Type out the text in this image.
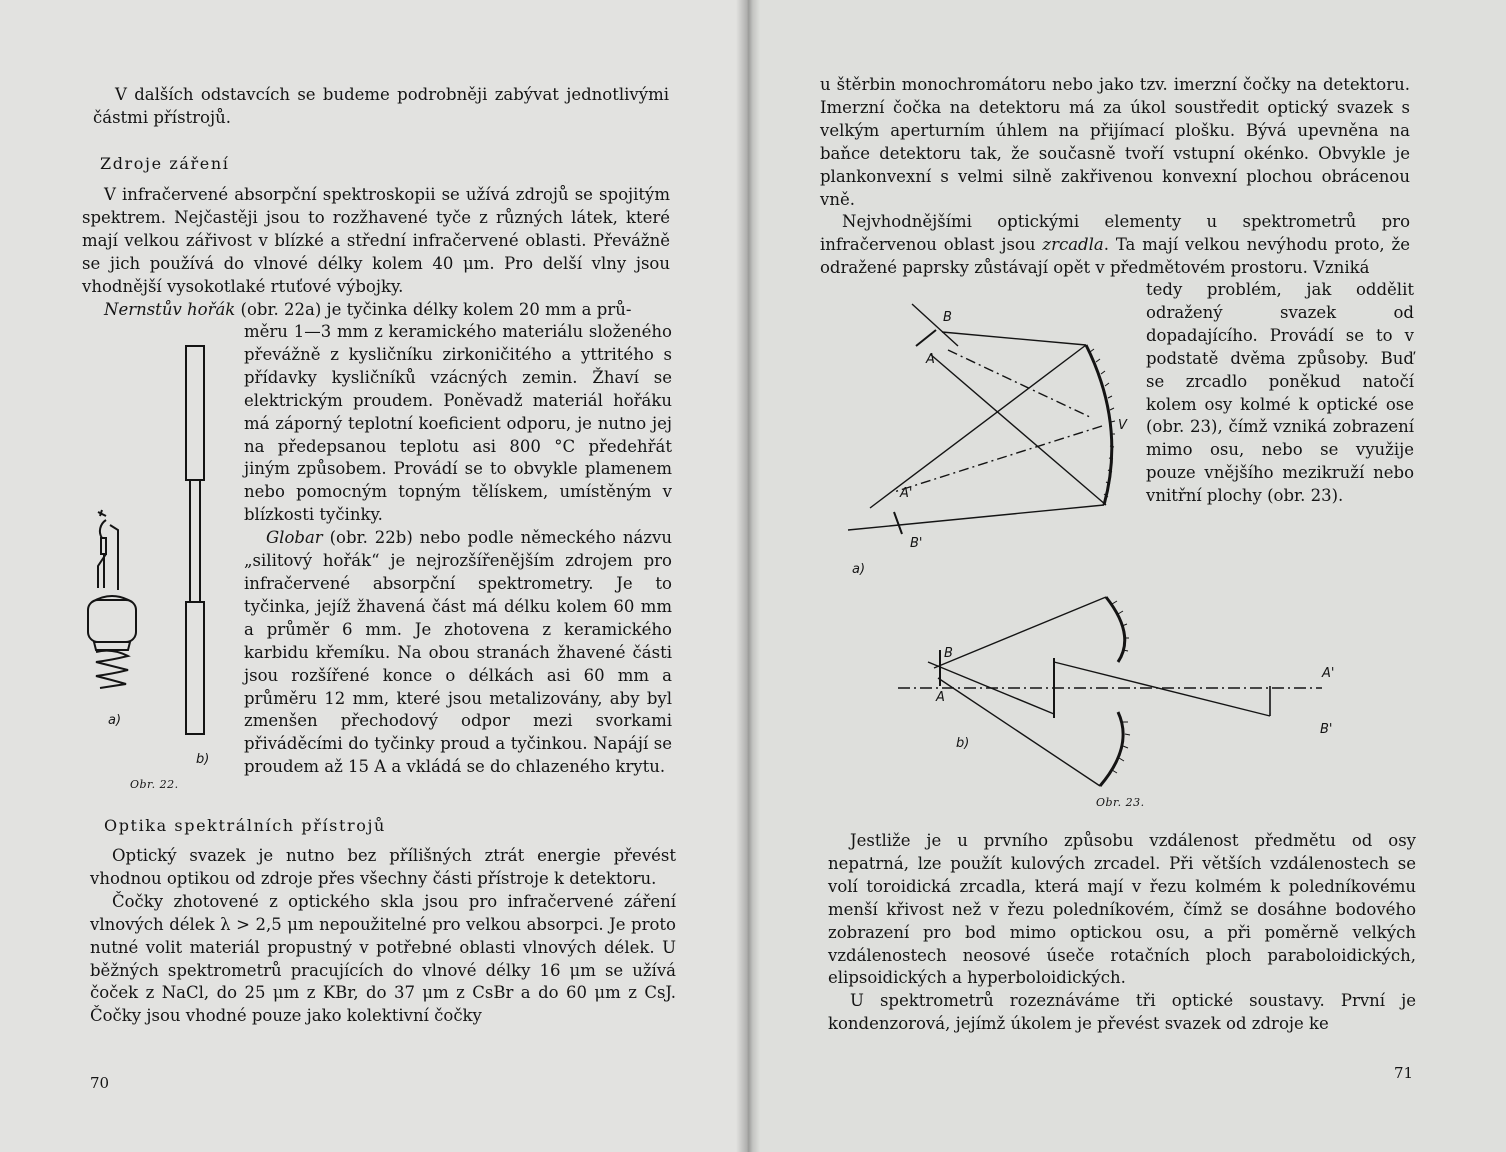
V dalších odstavcích se budeme podrobněji zabývat jednotlivými částmi přístrojů.

Zdroje záření

V infračervené absorpční spektroskopii se užívá zdrojů se spojitým spektrem. Nejčastěji jsou to rozžhavené tyče z různých látek, které mají velkou zářivost v blízké a střední infračervené oblasti. Převážně se jich používá do vlnové délky kolem 40 μm. Pro delší vlny jsou vhodnější vysokotlaké rtuťové výbojky.

Nernstův hořák (obr. 22a) je tyčinka délky kolem 20 mm a prů-

měru 1—3 mm z keramického materiálu složeného převážně z kysličníku zirkoničitého a yttritého s přídavky kysličníků vzácných zemin. Žhaví se elektrickým proudem. Poněvadž materiál hořáku má záporný teplotní koeficient odporu, je nutno jej na předepsanou teplotu asi 800 °C předehřát jiným způsobem. Provádí se to obvykle plamenem nebo pomocným topným tělískem, umístěným v blízkosti tyčinky.

Globar (obr. 22b) nebo podle německého názvu „silitový hořák“ je nejrozšířenějším zdrojem pro infračervené absorpční spektrometry. Je to tyčinka, jejíž žhavená část má délku kolem 60 mm a průměr 6 mm. Je zhotovena z keramického karbidu křemíku. Na obou stranách žhavené části jsou rozšířené konce o délkách asi 60 mm a průměru 12 mm, které jsou metalizovány, aby byl zmenšen přechodový odpor mezi svorkami přiváděcími do tyčinky proud a tyčinkou. Napájí se proudem až 15 A a vkládá se do chlazeného krytu.

a)
b)
Obr. 22.
Optika spektrálních přístrojů

Optický svazek je nutno bez přílišných ztrát energie převést vhodnou optikou od zdroje přes všechny části přístroje k detektoru.

Čočky zhotovené z optického skla jsou pro infračervené záření vlnových délek λ > 2,5 μm nepoužitelné pro velkou absorpci. Je proto nutné volit materiál propustný v potřebné oblasti vlnových délek. U běžných spektrometrů pracujících do vlnové délky 16 μm se užívá čoček z NaCl, do 25 μm z KBr, do 37 μm z CsBr a do 60 μm z CsJ. Čočky jsou vhodné pouze jako kolektivní čočky

70

u štěrbin monochromátoru nebo jako tzv. imerzní čočky na detektoru. Imerzní čočka na detektoru má za úkol soustředit optický svazek s velkým aperturním úhlem na přijímací plošku. Bývá upevněna na baňce detektoru tak, že současně tvoří vstupní okénko. Obvykle je plankonvexní s velmi silně zakřivenou konvexní plochou obrácenou vně.

Nejvhodnějšími optickými elementy u spektrometrů pro infračervenou oblast jsou zrcadla. Ta mají velkou nevýhodu proto, že odražené paprsky zůstávají opět v předmětovém prostoru. Vzniká

tedy problém, jak oddělit odražený svazek od dopadajícího. Provádí se to v podstatě dvěma způsoby. Buď se zrcadlo poněkud natočí kolem osy kolmé k optické ose (obr. 23), čímž vzniká zobrazení mimo osu, nebo se využije pouze vnějšího mezikruží nebo vnitřní plochy (obr. 23).

B
A
V
A'
B'
a)
B
A
A'
B'
b)
Obr. 23.

Jestliže je u prvního způsobu vzdálenost předmětu od osy nepatrná, lze použít kulových zrcadel. Při větších vzdálenostech se volí toroidická zrcadla, která mají v řezu kolmém k poledníkovému menší křivost než v řezu poledníkovém, čímž se dosáhne bodového zobrazení pro bod mimo optickou osu, a při poměrně velkých vzdálenostech neosové úseče rotačních ploch paraboloidických, elipsoidických a hyperboloidických.

U spektrometrů rozeznáváme tři optické soustavy. První je kondenzorová, jejímž úkolem je převést svazek od zdroje ke

71
